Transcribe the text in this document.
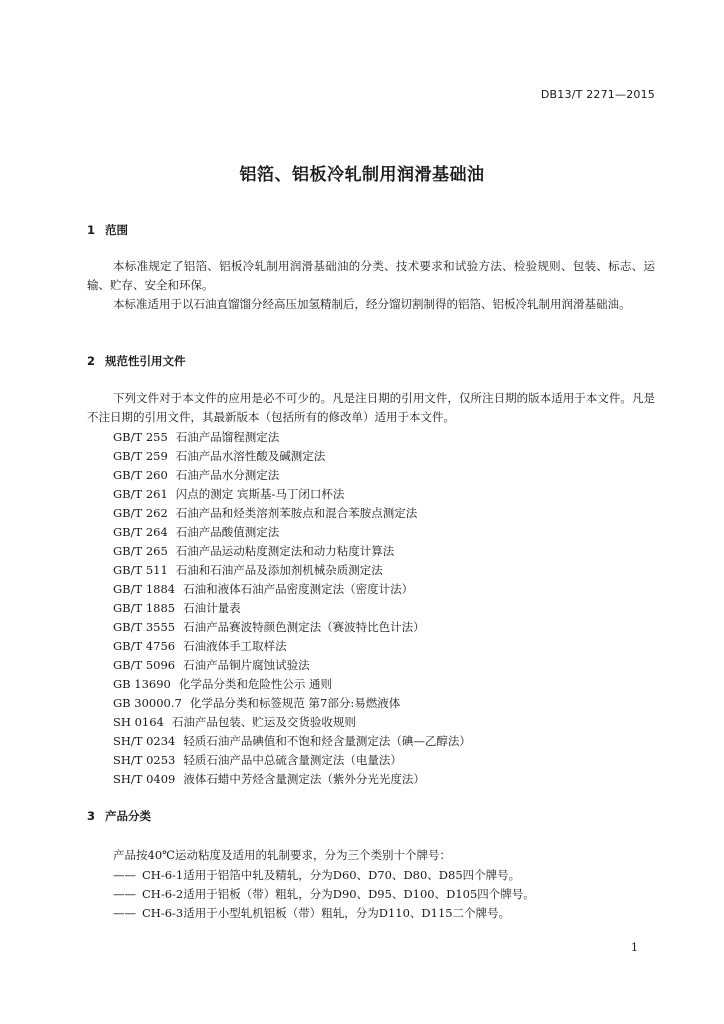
DB13/T 2271—2015
铝箔、铝板冷轧制用润滑基础油
1 范围
本标准规定了铝箔、铝板冷轧制用润滑基础油的分类、技术要求和试验方法、检验规则、包装、标志、运输、贮存、安全和环保。
本标准适用于以石油直馏馏分经高压加氢精制后，经分馏切割制得的铝箔、铝板冷轧制用润滑基础油。
2 规范性引用文件
下列文件对于本文件的应用是必不可少的。凡是注日期的引用文件，仅所注日期的版本适用于本文件。凡是不注日期的引用文件，其最新版本（包括所有的修改单）适用于本文件。
GB/T 255 石油产品馏程测定法
GB/T 259 石油产品水溶性酸及碱测定法
GB/T 260 石油产品水分测定法
GB/T 261 闪点的测定 宾斯基-马丁闭口杯法
GB/T 262 石油产品和烃类溶剂苯胺点和混合苯胺点测定法
GB/T 264 石油产品酸值测定法
GB/T 265 石油产品运动粘度测定法和动力粘度计算法
GB/T 511 石油和石油产品及添加剂机械杂质测定法
GB/T 1884 石油和液体石油产品密度测定法（密度计法）
GB/T 1885 石油计量表
GB/T 3555 石油产品赛波特颜色测定法（赛波特比色计法）
GB/T 4756 石油液体手工取样法
GB/T 5096 石油产品铜片腐蚀试验法
GB 13690 化学品分类和危险性公示 通则
GB 30000.7 化学品分类和标签规范 第7部分:易燃液体
SH 0164 石油产品包装、贮运及交货验收规则
SH/T 0234 轻质石油产品碘值和不饱和烃含量测定法（碘—乙醇法）
SH/T 0253 轻质石油产品中总硫含量测定法（电量法）
SH/T 0409 液体石蜡中芳烃含量测定法（紫外分光光度法）
3 产品分类
产品按40℃运动粘度及适用的轧制要求，分为三个类别十个牌号：
—— CH-6-1适用于铝箔中轧及精轧，分为D60、D70、D80、D85四个牌号。
—— CH-6-2适用于铝板（带）粗轧，分为D90、D95、D100、D105四个牌号。
—— CH-6-3适用于小型轧机铝板（带）粗轧，分为D110、D115二个牌号。
1
